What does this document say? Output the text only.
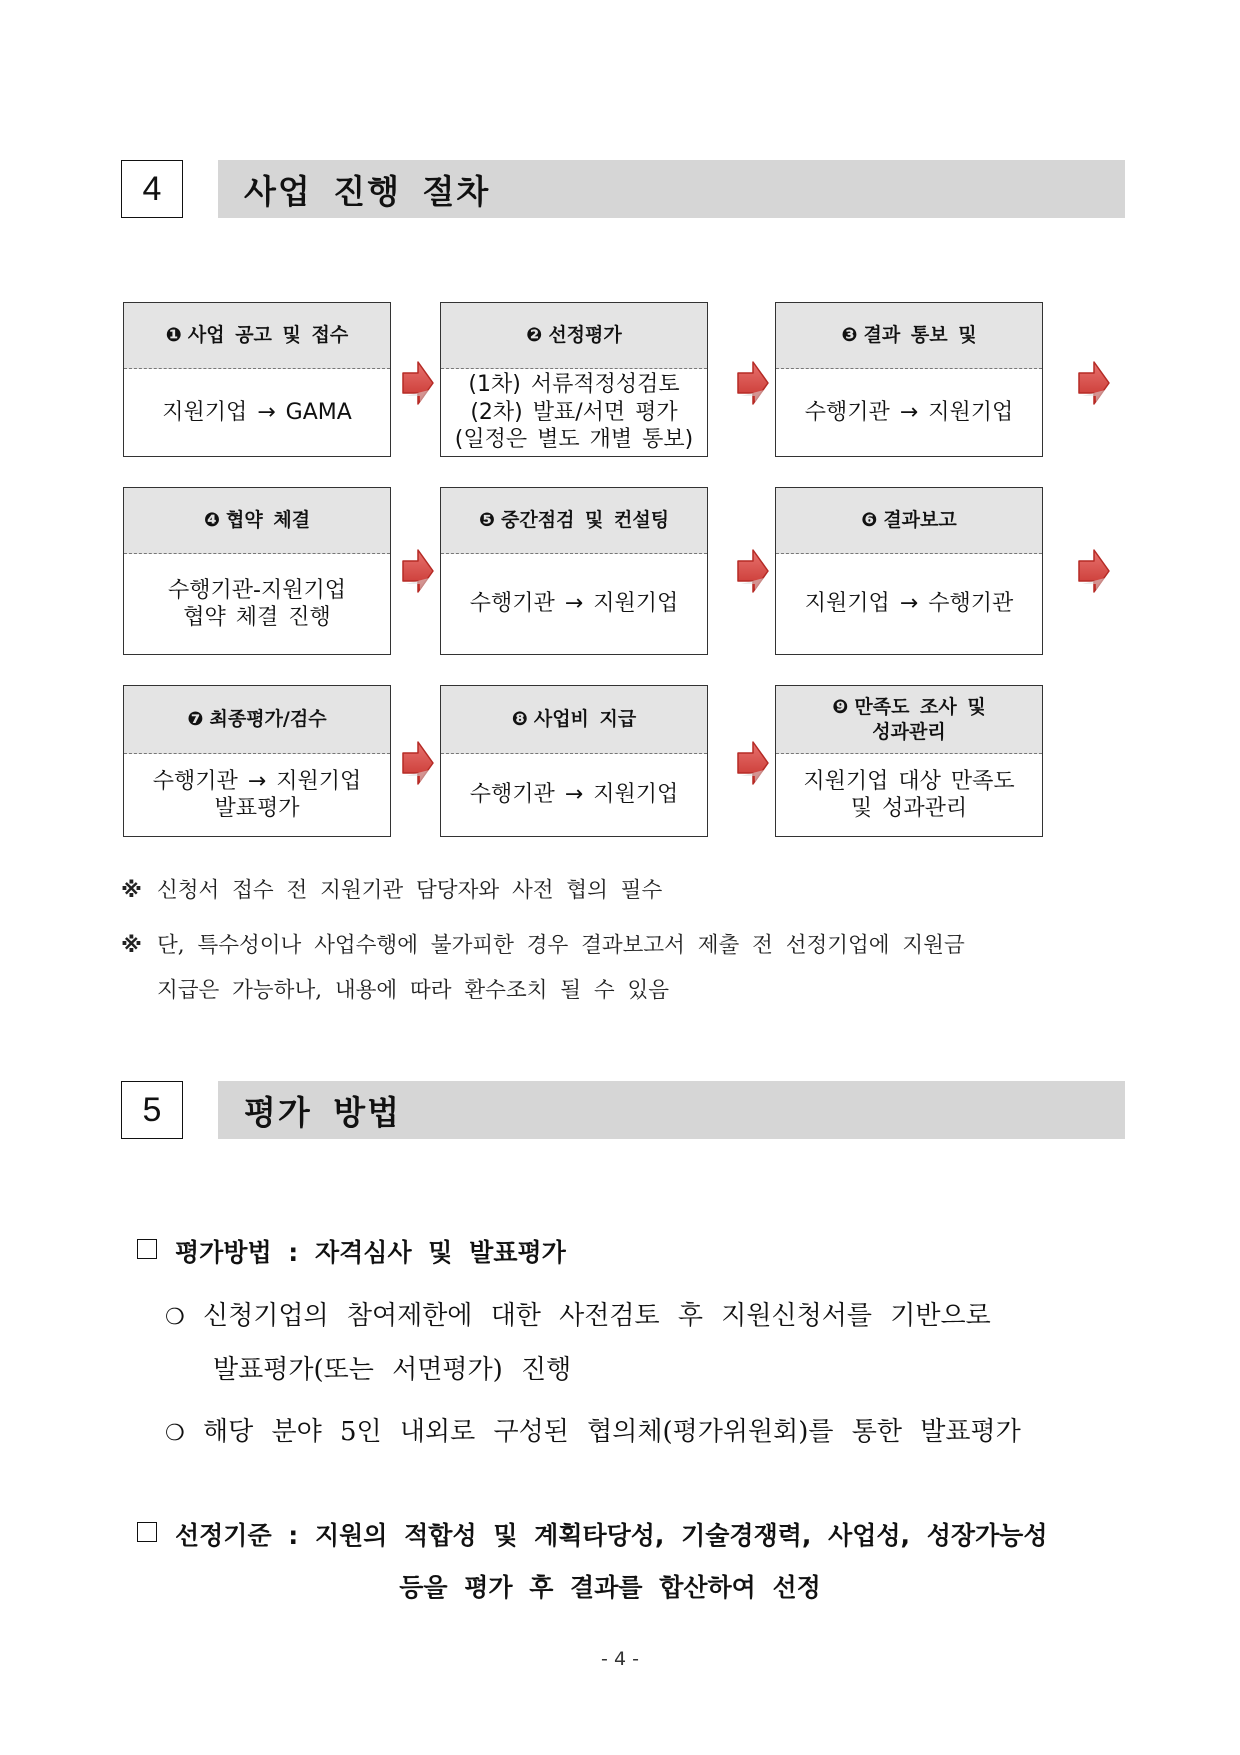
4	사업 진행 절차
❶ 사업 공고 및 접수
지원기업 → GAMA
❷ 선정평가
(1차) 서류적정성검토
(2차) 발표/서면 평가
(일정은 별도 개별 통보)
❸ 결과 통보 및
수행기관 → 지원기업
❹ 협약 체결
수행기관-지원기업
협약 체결 진행
❺ 중간점검 및 컨설팅
수행기관 → 지원기업
❻ 결과보고
지원기업 → 수행기관
❼ 최종평가/검수
수행기관 → 지원기업
발표평가
❽ 사업비 지급
수행기관 → 지원기업
❾ 만족도 조사 및
성과관리
지원기업 대상 만족도
및 성과관리
※ 신청서 접수 전 지원기관 담당자와 사전 협의 필수
※ 단, 특수성이나 사업수행에 불가피한 경우 결과보고서 제출 전 선정기업에 지원금
지급은 가능하나, 내용에 따라 환수조치 될 수 있음
5	평가 방법
평가방법 : 자격심사 및 발표평가
❍ 신청기업의 참여제한에 대한 사전검토 후 지원신청서를 기반으로
발표평가(또는 서면평가) 진행
❍ 해당 분야 5인 내외로 구성된 협의체(평가위원회)를 통한 발표평가
선정기준 : 지원의 적합성 및 계획타당성, 기술경쟁력, 사업성, 성장가능성
등을 평가 후 결과를 합산하여 선정
- 4 -
